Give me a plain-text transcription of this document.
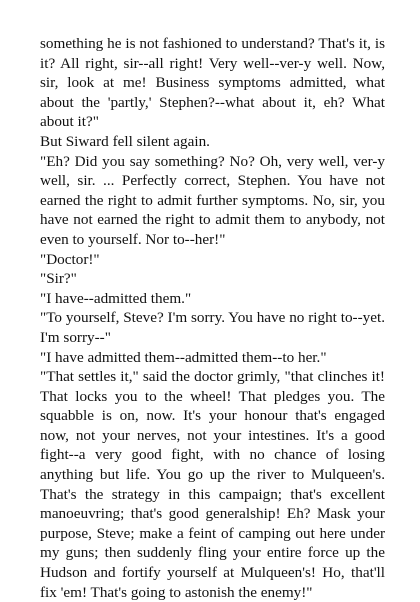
something he is not fashioned to understand? That's it, is it? All right, sir--all right! Very well--ver-y well. Now, sir, look at me! Business symptoms admitted, what about the 'partly,' Stephen?--what about it, eh? What about it?"

But Siward fell silent again.

"Eh? Did you say something? No? Oh, very well, ver-y well, sir. ... Perfectly correct, Stephen. You have not earned the right to admit further symptoms. No, sir, you have not earned the right to admit them to anybody, not even to yourself. Nor to--her!"

"Doctor!"

"Sir?"

"I have--admitted them."

"To yourself, Steve? I'm sorry. You have no right to--yet. I'm sorry--"

"I have admitted them--admitted them--to her."

"That settles it," said the doctor grimly, "that clinches it! That locks you to the wheel! That pledges you. The squabble is on, now. It's your honour that's engaged now, not your nerves, not your intestines. It's a good fight--a very good fight, with no chance of losing anything but life. You go up the river to Mulqueen's. That's the strategy in this campaign; that's excellent manoeuvring; that's good generalship! Eh? Mask your purpose, Steve; make a feint of camping out here under my guns; then suddenly fling your entire force up the Hudson and fortify yourself at Mulqueen's! Ho, that'll fix 'em! That's going to astonish the enemy!"
